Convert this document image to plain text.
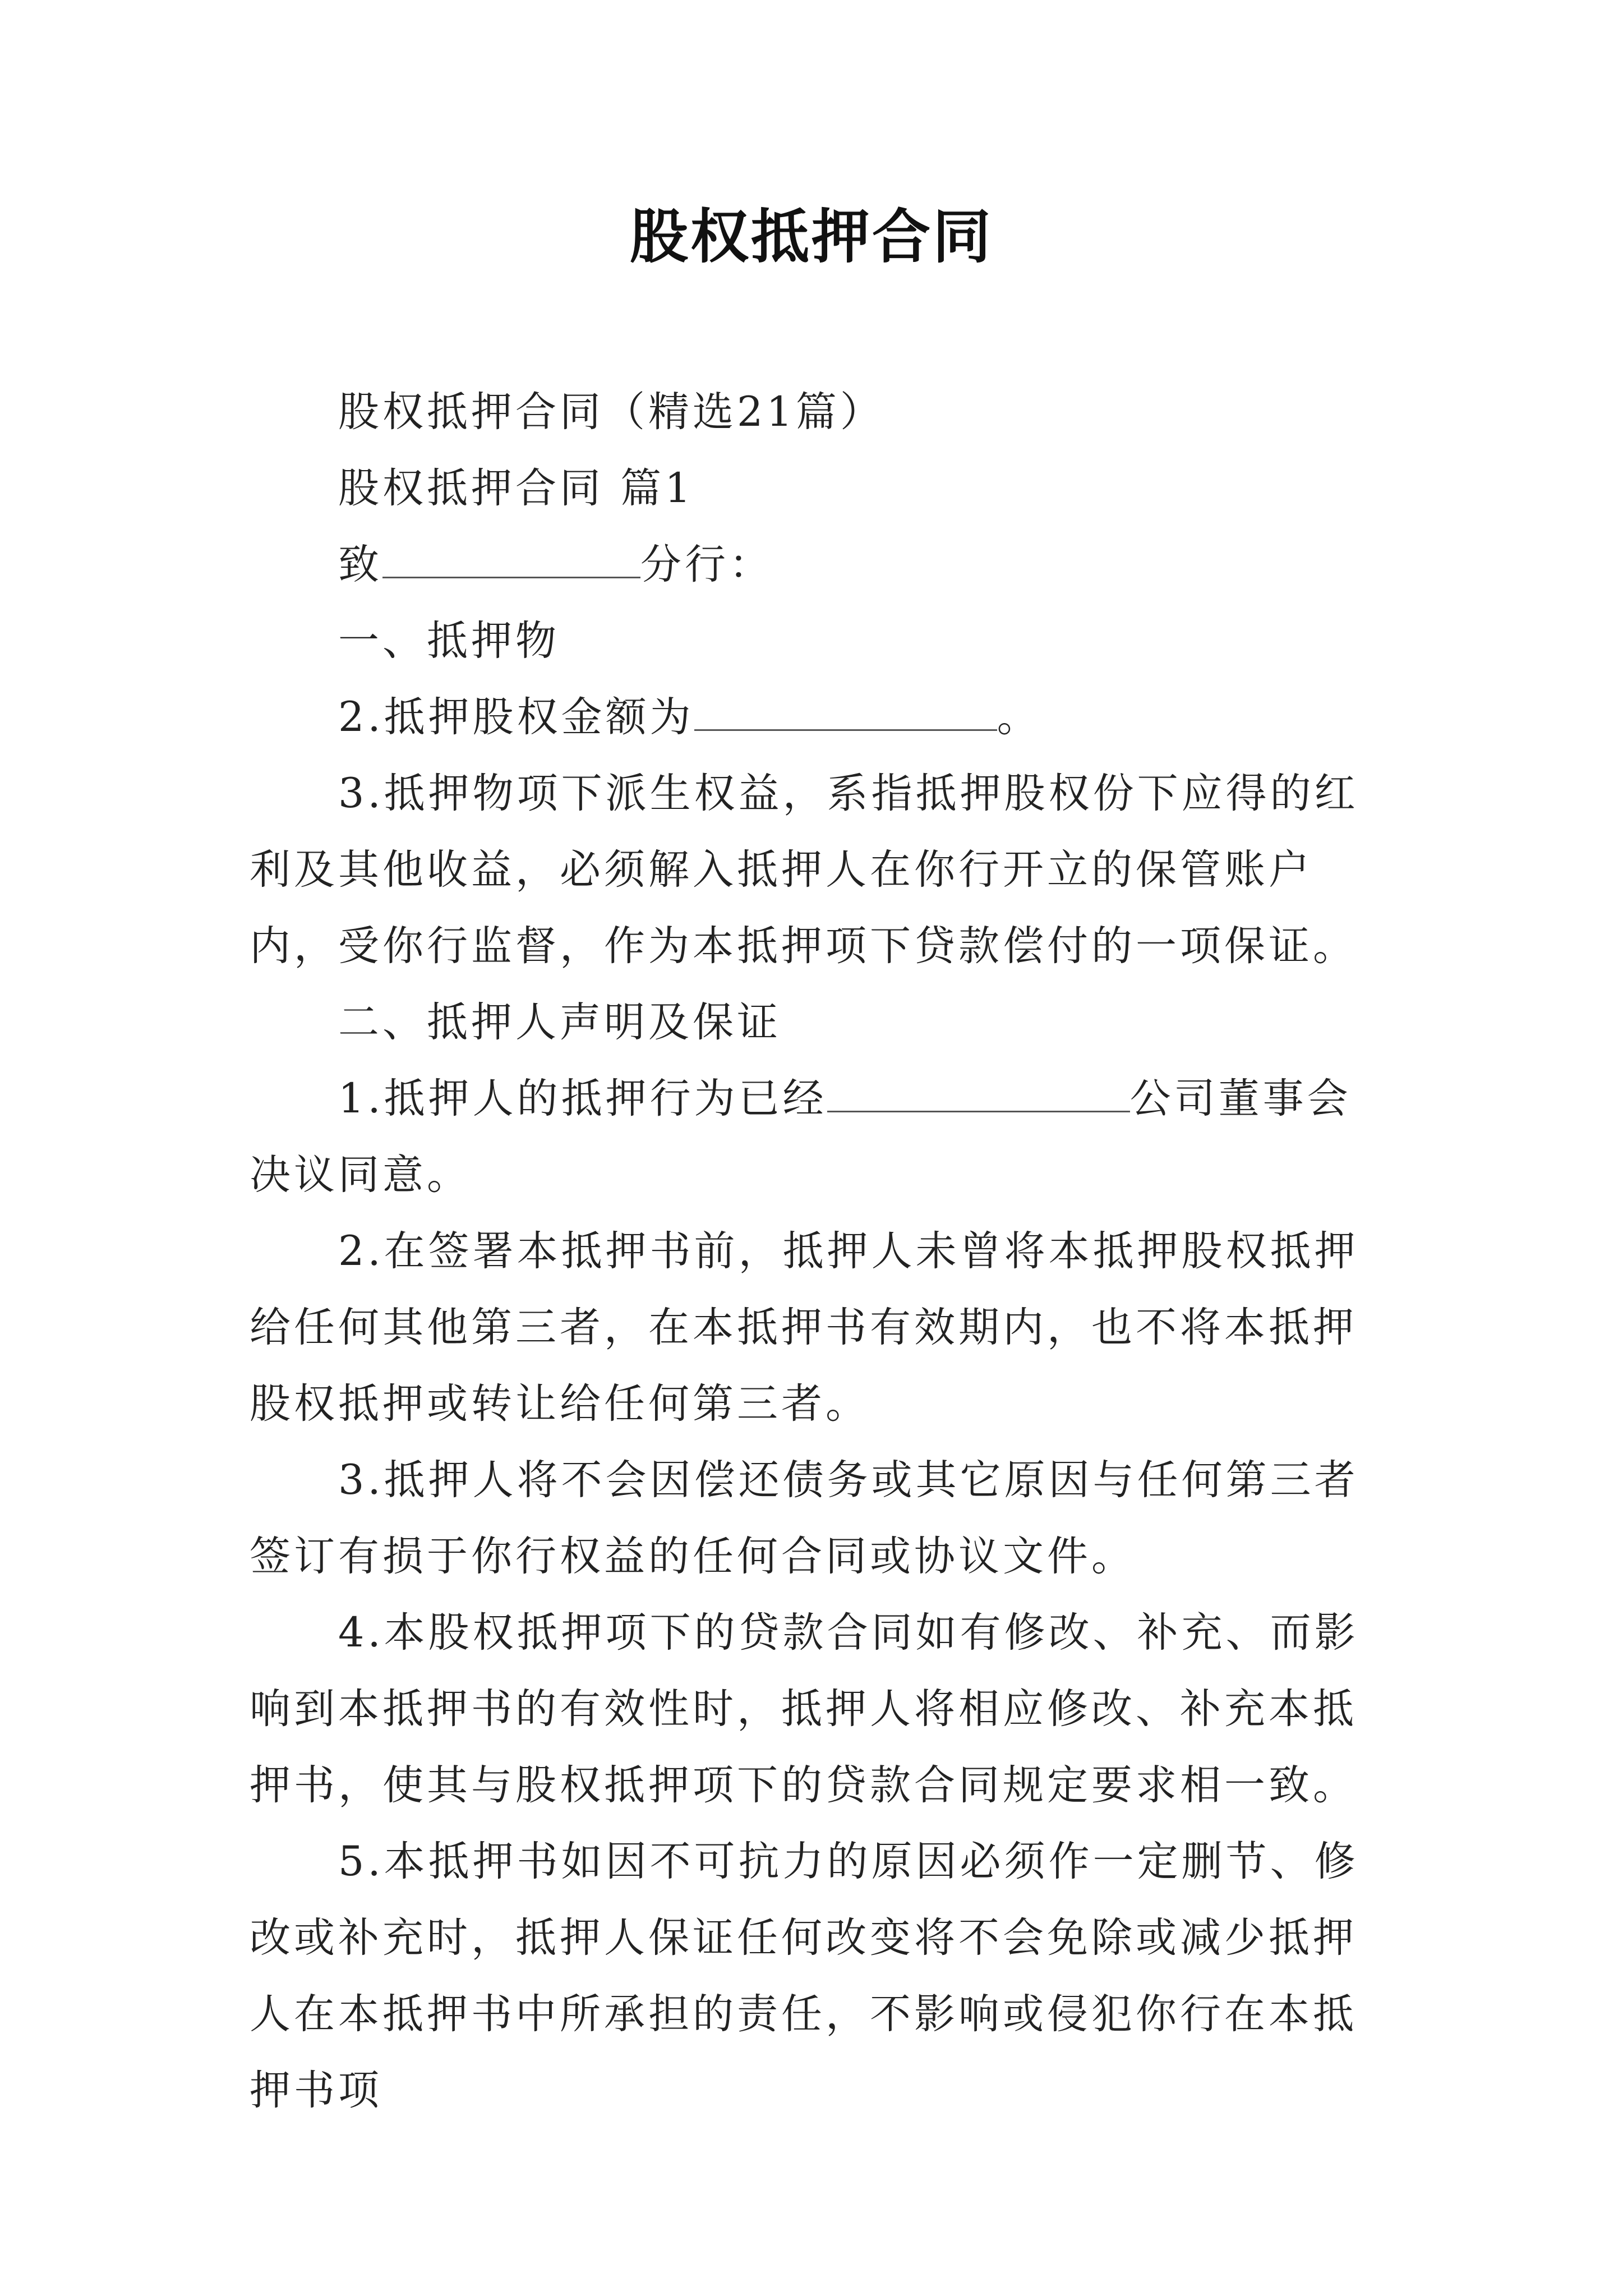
股权抵押合同

股权抵押合同（精选21篇）

股权抵押合同 篇1

致	分行：

一、抵押物

2.抵押股权金额为	。

3.抵押物项下派生权益，系指抵押股权份下应得的红利及其他收益，必须解入抵押人在你行开立的保管账户内，受你行监督，作为本抵押项下贷款偿付的一项保证。

二、抵押人声明及保证

1.抵押人的抵押行为已经	公司董事会决议同意。

2.在签署本抵押书前，抵押人未曾将本抵押股权抵押给任何其他第三者，在本抵押书有效期内，也不将本抵押股权抵押或转让给任何第三者。

3.抵押人将不会因偿还债务或其它原因与任何第三者签订有损于你行权益的任何合同或协议文件。

4.本股权抵押项下的贷款合同如有修改、补充、而影响到本抵押书的有效性时，抵押人将相应修改、补充本抵押书，使其与股权抵押项下的贷款合同规定要求相一致。

5.本抵押书如因不可抗力的原因必须作一定删节、修改或补充时，抵押人保证任何改变将不会免除或减少抵押人在本抵押书中所承担的责任，不影响或侵犯你行在本抵押书项
